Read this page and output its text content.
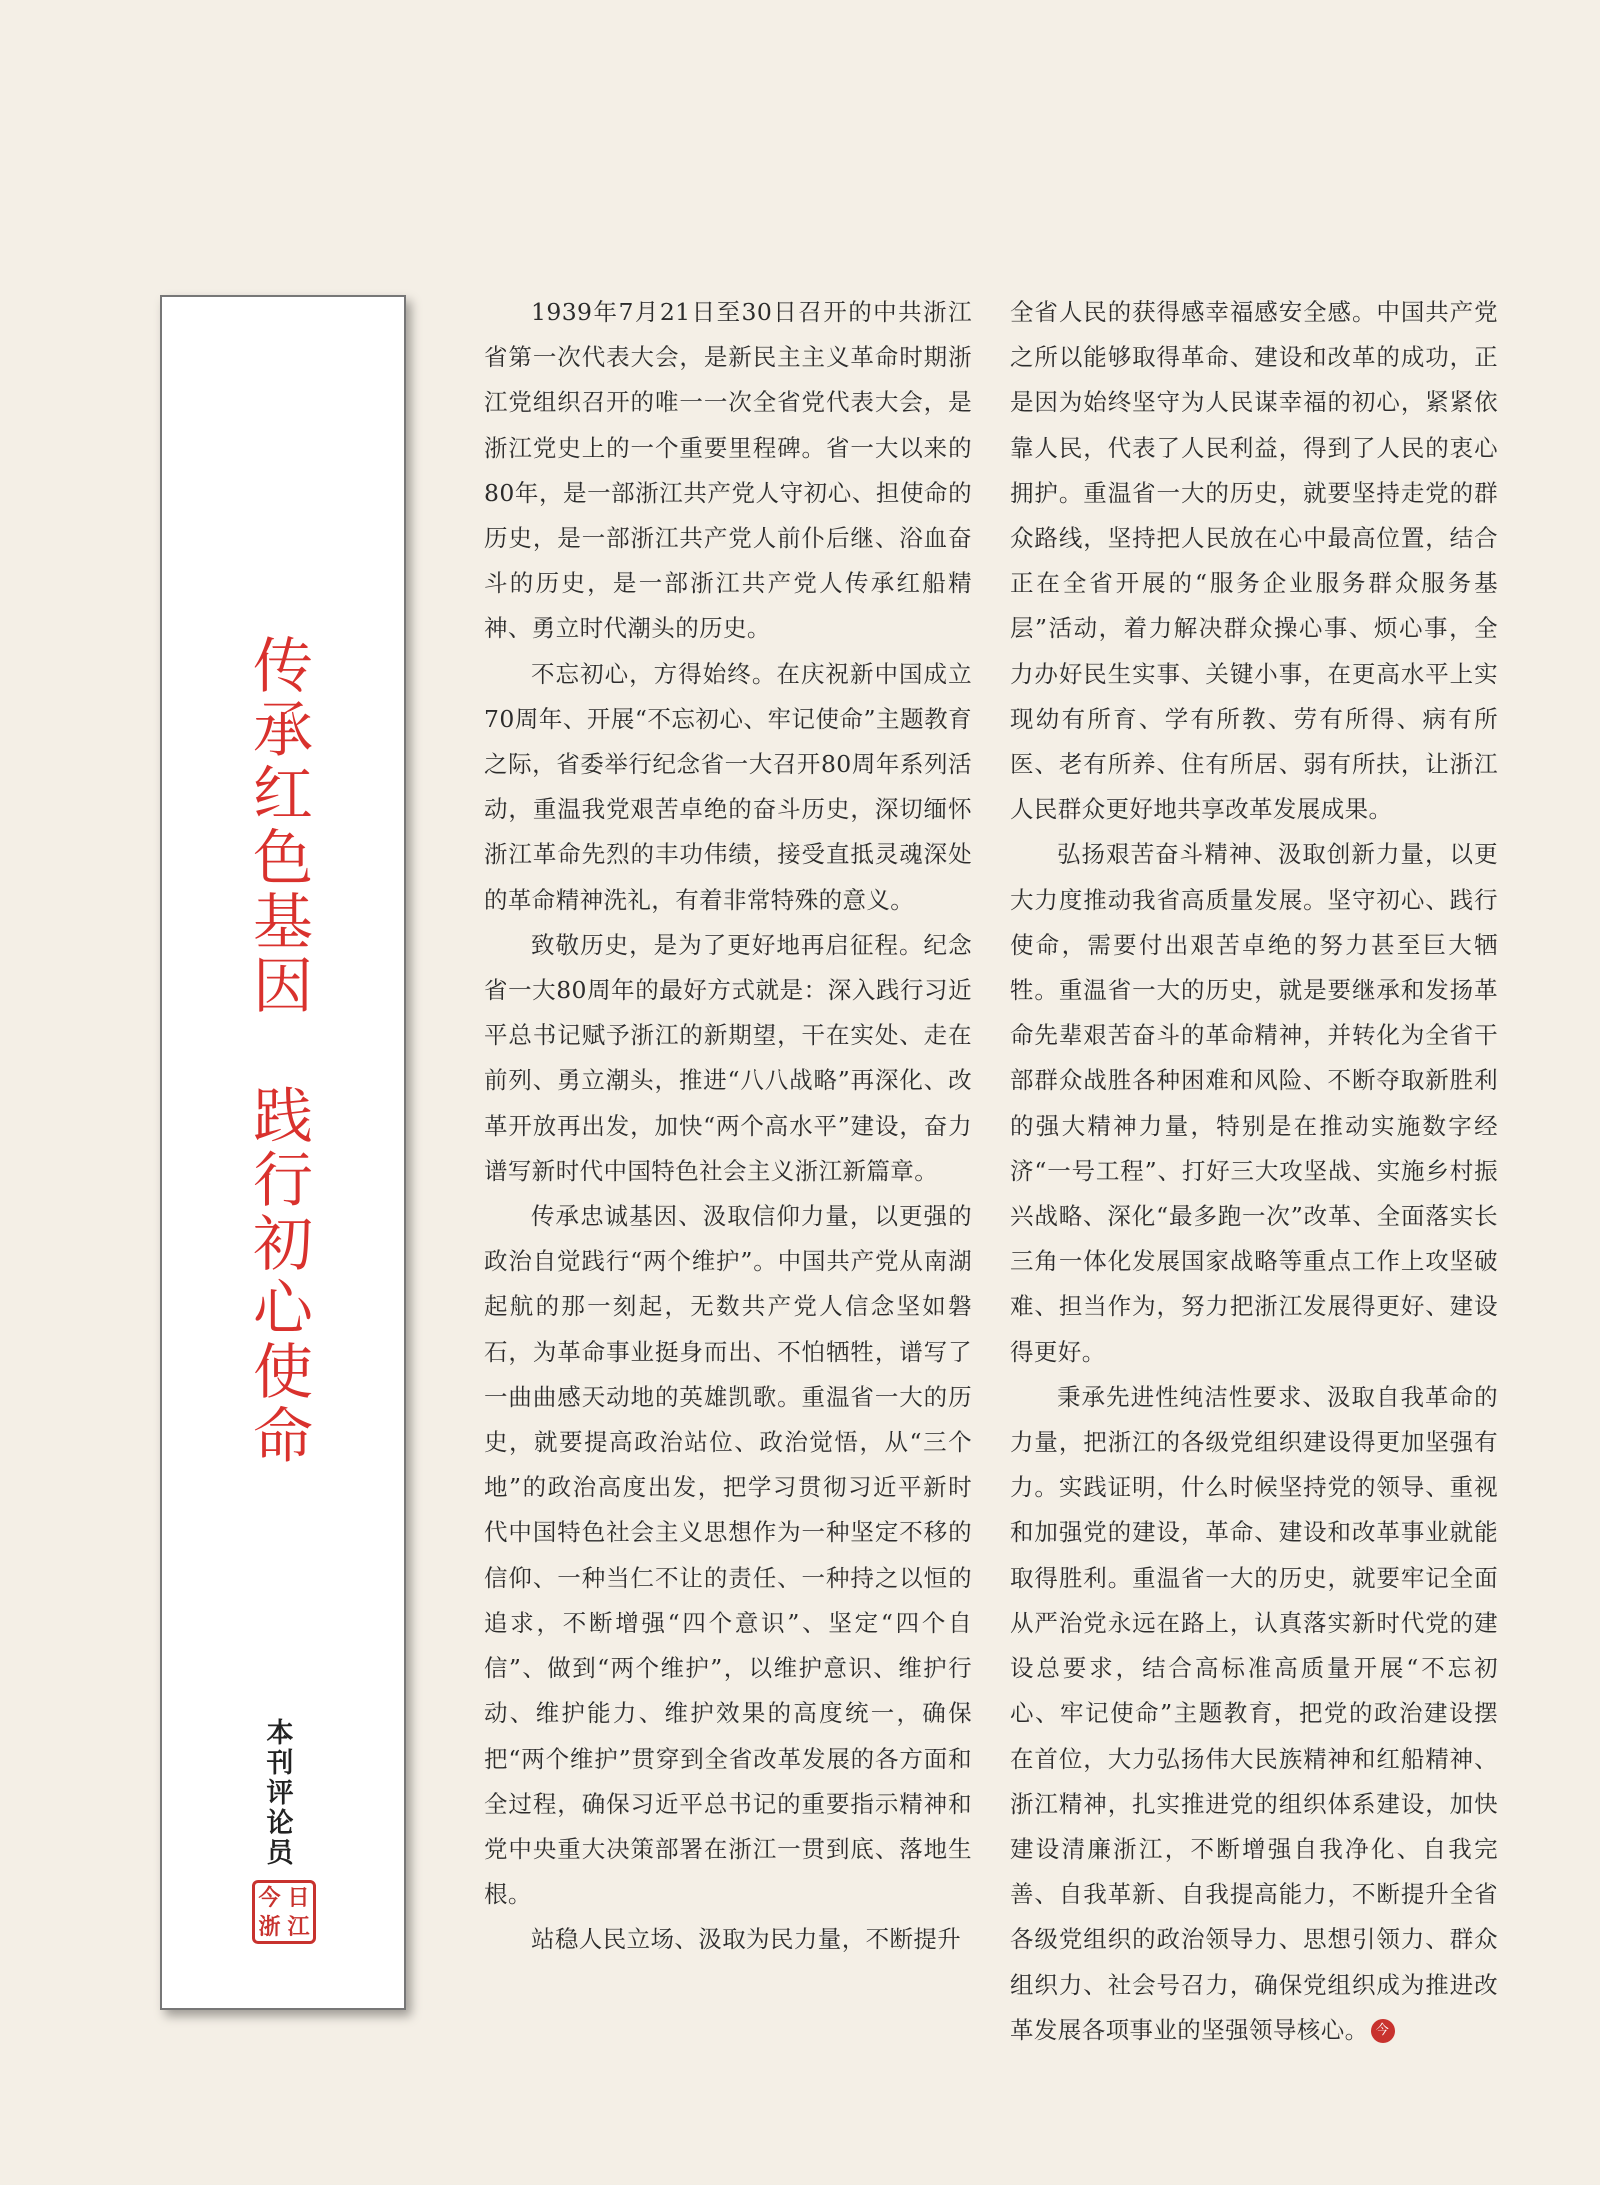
传
承
红
色
基
因
践
行
初
心
使
命
本
刊
评
论
员
今 日
浙 江

1939年7月21日至30日召开的中共浙江省第一次代表大会，是新民主主义革命时期浙江党组织召开的唯一一次全省党代表大会，是浙江党史上的一个重要里程碑。省一大以来的80年，是一部浙江共产党人守初心、担使命的历史，是一部浙江共产党人前仆后继、浴血奋斗的历史，是一部浙江共产党人传承红船精神、勇立时代潮头的历史。

不忘初心，方得始终。在庆祝新中国成立70周年、开展“不忘初心、牢记使命”主题教育之际，省委举行纪念省一大召开80周年系列活动，重温我党艰苦卓绝的奋斗历史，深切缅怀浙江革命先烈的丰功伟绩，接受直抵灵魂深处的革命精神洗礼，有着非常特殊的意义。

致敬历史，是为了更好地再启征程。纪念省一大80周年的最好方式就是：深入践行习近平总书记赋予浙江的新期望，干在实处、走在前列、勇立潮头，推进“八八战略”再深化、改革开放再出发，加快“两个高水平”建设，奋力谱写新时代中国特色社会主义浙江新篇章。

传承忠诚基因、汲取信仰力量，以更强的政治自觉践行“两个维护”。中国共产党从南湖起航的那一刻起，无数共产党人信念坚如磐石，为革命事业挺身而出、不怕牺牲，谱写了一曲曲感天动地的英雄凯歌。重温省一大的历史，就要提高政治站位、政治觉悟，从“三个地”的政治高度出发，把学习贯彻习近平新时代中国特色社会主义思想作为一种坚定不移的信仰、一种当仁不让的责任、一种持之以恒的追求，不断增强“四个意识”、坚定“四个自信”、做到“两个维护”，以维护意识、维护行动、维护能力、维护效果的高度统一，确保把“两个维护”贯穿到全省改革发展的各方面和全过程，确保习近平总书记的重要指示精神和党中央重大决策部署在浙江一贯到底、落地生根。

站稳人民立场、汲取为民力量，不断提升

全省人民的获得感幸福感安全感。中国共产党之所以能够取得革命、建设和改革的成功，正是因为始终坚守为人民谋幸福的初心，紧紧依靠人民，代表了人民利益，得到了人民的衷心拥护。重温省一大的历史，就要坚持走党的群众路线，坚持把人民放在心中最高位置，结合正在全省开展的“服务企业服务群众服务基层”活动，着力解决群众操心事、烦心事，全力办好民生实事、关键小事，在更高水平上实现幼有所育、学有所教、劳有所得、病有所医、老有所养、住有所居、弱有所扶，让浙江人民群众更好地共享改革发展成果。

弘扬艰苦奋斗精神、汲取创新力量，以更大力度推动我省高质量发展。坚守初心、践行使命，需要付出艰苦卓绝的努力甚至巨大牺牲。重温省一大的历史，就是要继承和发扬革命先辈艰苦奋斗的革命精神，并转化为全省干部群众战胜各种困难和风险、不断夺取新胜利的强大精神力量，特别是在推动实施数字经济“一号工程”、打好三大攻坚战、实施乡村振兴战略、深化“最多跑一次”改革、全面落实长三角一体化发展国家战略等重点工作上攻坚破难、担当作为，努力把浙江发展得更好、建设得更好。

秉承先进性纯洁性要求、汲取自我革命的力量，把浙江的各级党组织建设得更加坚强有力。实践证明，什么时候坚持党的领导、重视和加强党的建设，革命、建设和改革事业就能取得胜利。重温省一大的历史，就要牢记全面从严治党永远在路上，认真落实新时代党的建设总要求，结合高标准高质量开展“不忘初心、牢记使命”主题教育，把党的政治建设摆在首位，大力弘扬伟大民族精神和红船精神、浙江精神，扎实推进党的组织体系建设，加快建设清廉浙江，不断增强自我净化、自我完善、自我革新、自我提高能力，不断提升全省各级党组织的政治领导力、思想引领力、群众组织力、社会号召力，确保党组织成为推进改革发展各项事业的坚强领导核心。 今
